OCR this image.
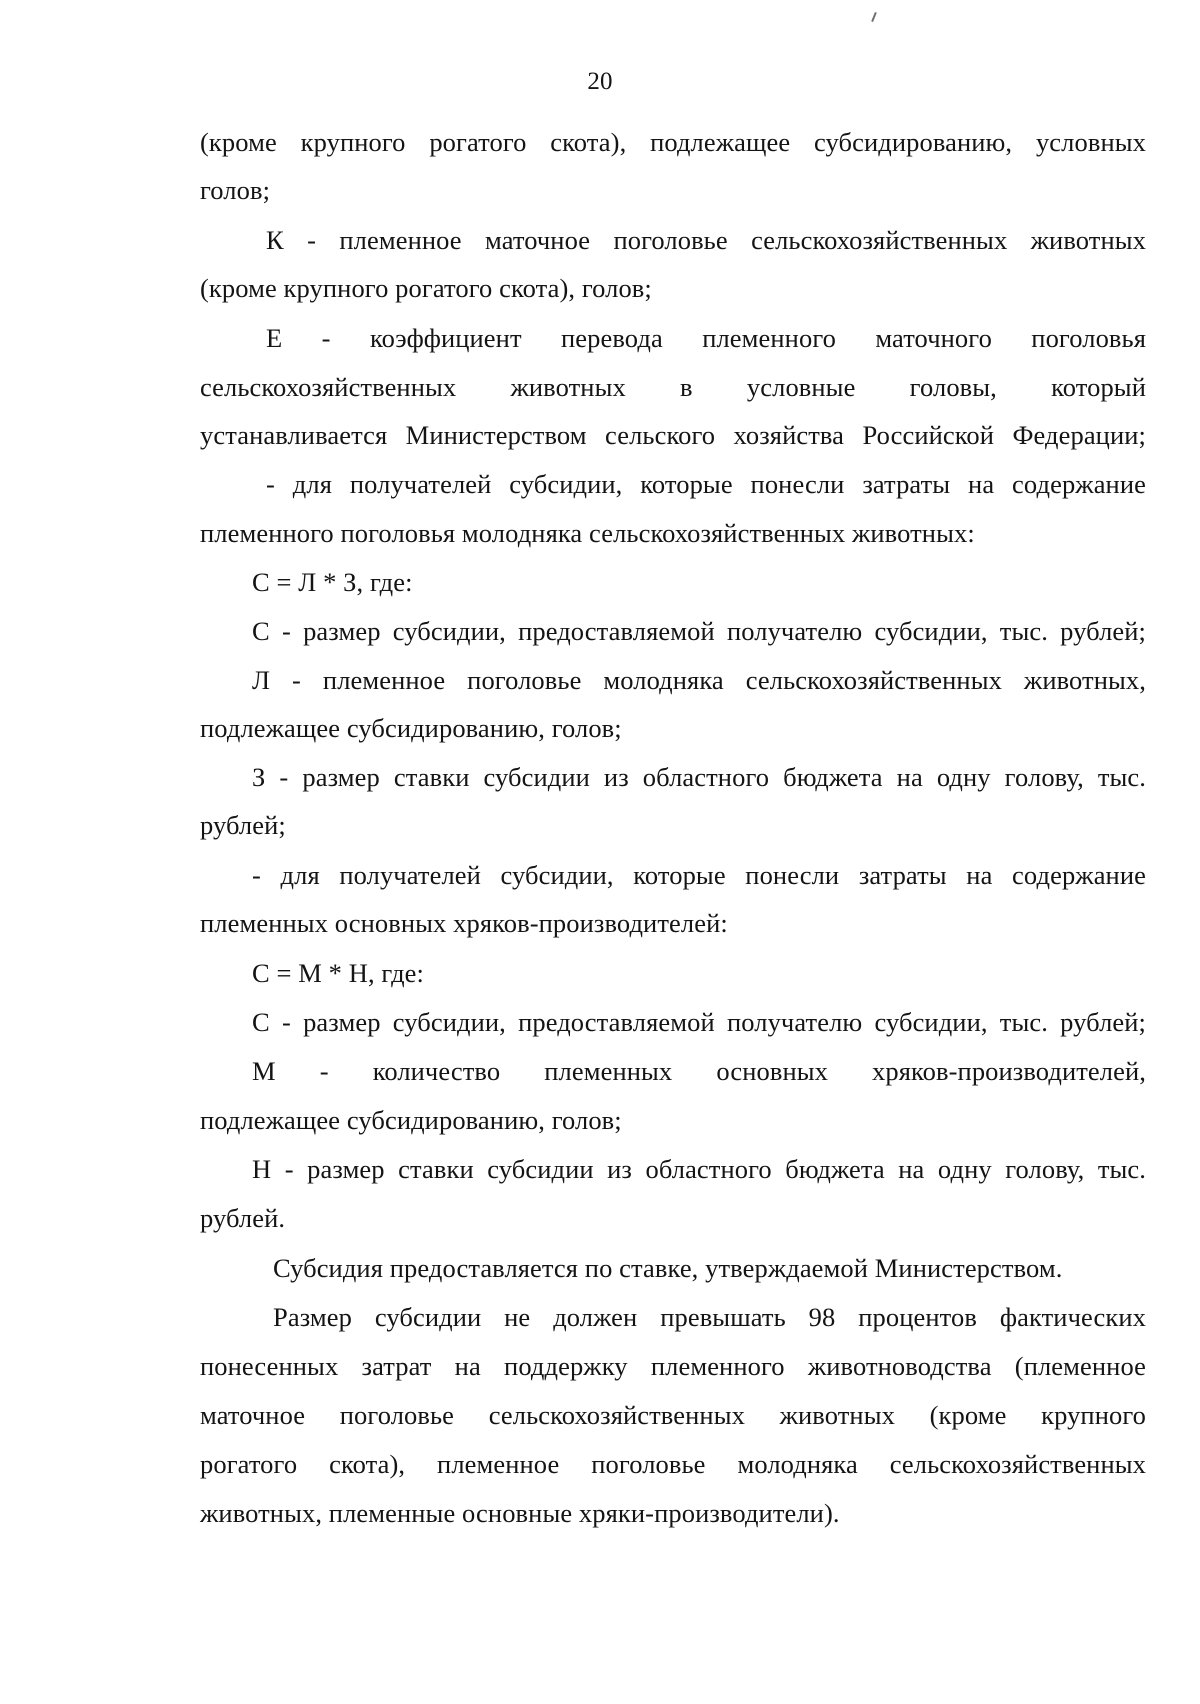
20
(кроме крупного рогатого скота), подлежащее субсидированию, условных
голов;
К - племенное маточное поголовье сельскохозяйственных животных
(кроме крупного рогатого скота), голов;
Е - коэффициент перевода племенного маточного поголовья
сельскохозяйственных животных в условные головы, который
устанавливается Министерством сельского хозяйства Российской Федерации;
- для получателей субсидии, которые понесли затраты на содержание
племенного поголовья молодняка сельскохозяйственных животных:
С = Л * З, где:
С - размер субсидии, предоставляемой получателю субсидии, тыс. рублей;
Л - племенное поголовье молодняка сельскохозяйственных животных,
подлежащее субсидированию, голов;
З - размер ставки субсидии из областного бюджета на одну голову, тыс.
рублей;
- для получателей субсидии, которые понесли затраты на содержание
племенных основных хряков-производителей:
С = М * Н, где:
С - размер субсидии, предоставляемой получателю субсидии, тыс. рублей;
М - количество племенных основных хряков-производителей,
подлежащее субсидированию, голов;
Н - размер ставки субсидии из областного бюджета на одну голову, тыс.
рублей.
Субсидия предоставляется по ставке, утверждаемой Министерством.
Размер субсидии не должен превышать 98 процентов фактических
понесенных затрат на поддержку племенного животноводства (племенное
маточное поголовье сельскохозяйственных животных (кроме крупного
рогатого скота), племенное поголовье молодняка сельскохозяйственных
животных, племенные основные хряки-производители).
